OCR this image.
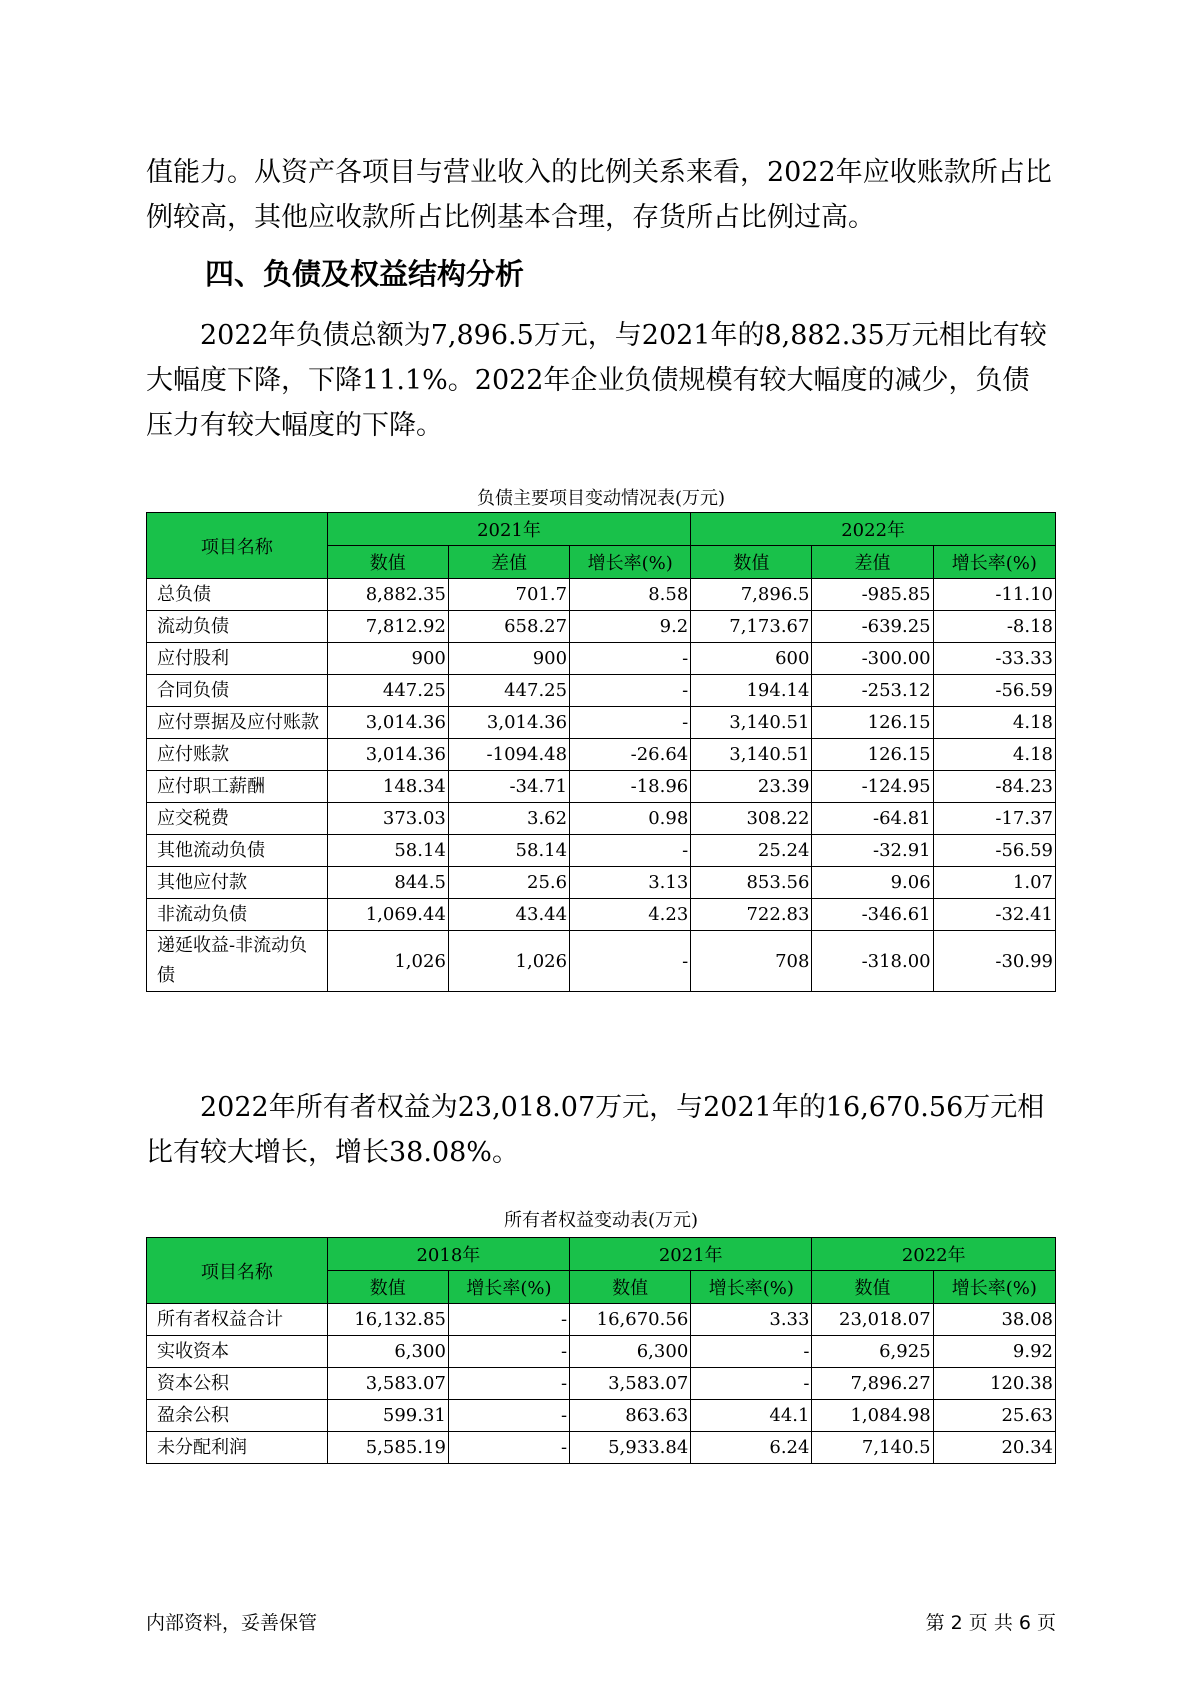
值能力。从资产各项目与营业收入的比例关系来看，2022年应收账款所占比例较高，其他应收款所占比例基本合理，存货所占比例过高。

四、负债及权益结构分析

2022年负债总额为7,896.5万元，与2021年的8,882.35万元相比有较大幅度下降，下降11.1%。2022年企业负债规模有较大幅度的减少，负债压力有较大幅度的下降。

负债主要项目变动情况表(万元)

项目名称	2021年			2022年		
	数值	差值	增长率(%)	数值	差值	增长率(%)
总负债	8,882.35	701.7	8.58	7,896.5	-985.85	-11.10
流动负债	7,812.92	658.27	9.2	7,173.67	-639.25	-8.18
应付股利	900	900	-	600	-300.00	-33.33
合同负债	447.25	447.25	-	194.14	-253.12	-56.59
应付票据及应付账款	3,014.36	3,014.36	-	3,140.51	126.15	4.18
应付账款	3,014.36	-1094.48	-26.64	3,140.51	126.15	4.18
应付职工薪酬	148.34	-34.71	-18.96	23.39	-124.95	-84.23
应交税费	373.03	3.62	0.98	308.22	-64.81	-17.37
其他流动负债	58.14	58.14	-	25.24	-32.91	-56.59
其他应付款	844.5	25.6	3.13	853.56	9.06	1.07
非流动负债	1,069.44	43.44	4.23	722.83	-346.61	-32.41
递延收益-非流动负债	1,026	1,026	-	708	-318.00	-30.99

2022年所有者权益为23,018.07万元，与2021年的16,670.56万元相比有较大增长，增长38.08%。

所有者权益变动表(万元)

项目名称	2018年		2021年		2022年	
	数值	增长率(%)	数值	增长率(%)	数值	增长率(%)
所有者权益合计	16,132.85	-	16,670.56	3.33	23,018.07	38.08
实收资本	6,300	-	6,300	-	6,925	9.92
资本公积	3,583.07	-	3,583.07	-	7,896.27	120.38
盈余公积	599.31	-	863.63	44.1	1,084.98	25.63
未分配利润	5,585.19	-	5,933.84	6.24	7,140.5	20.34
内部资料，妥善保管	第 2 页 共 6 页
